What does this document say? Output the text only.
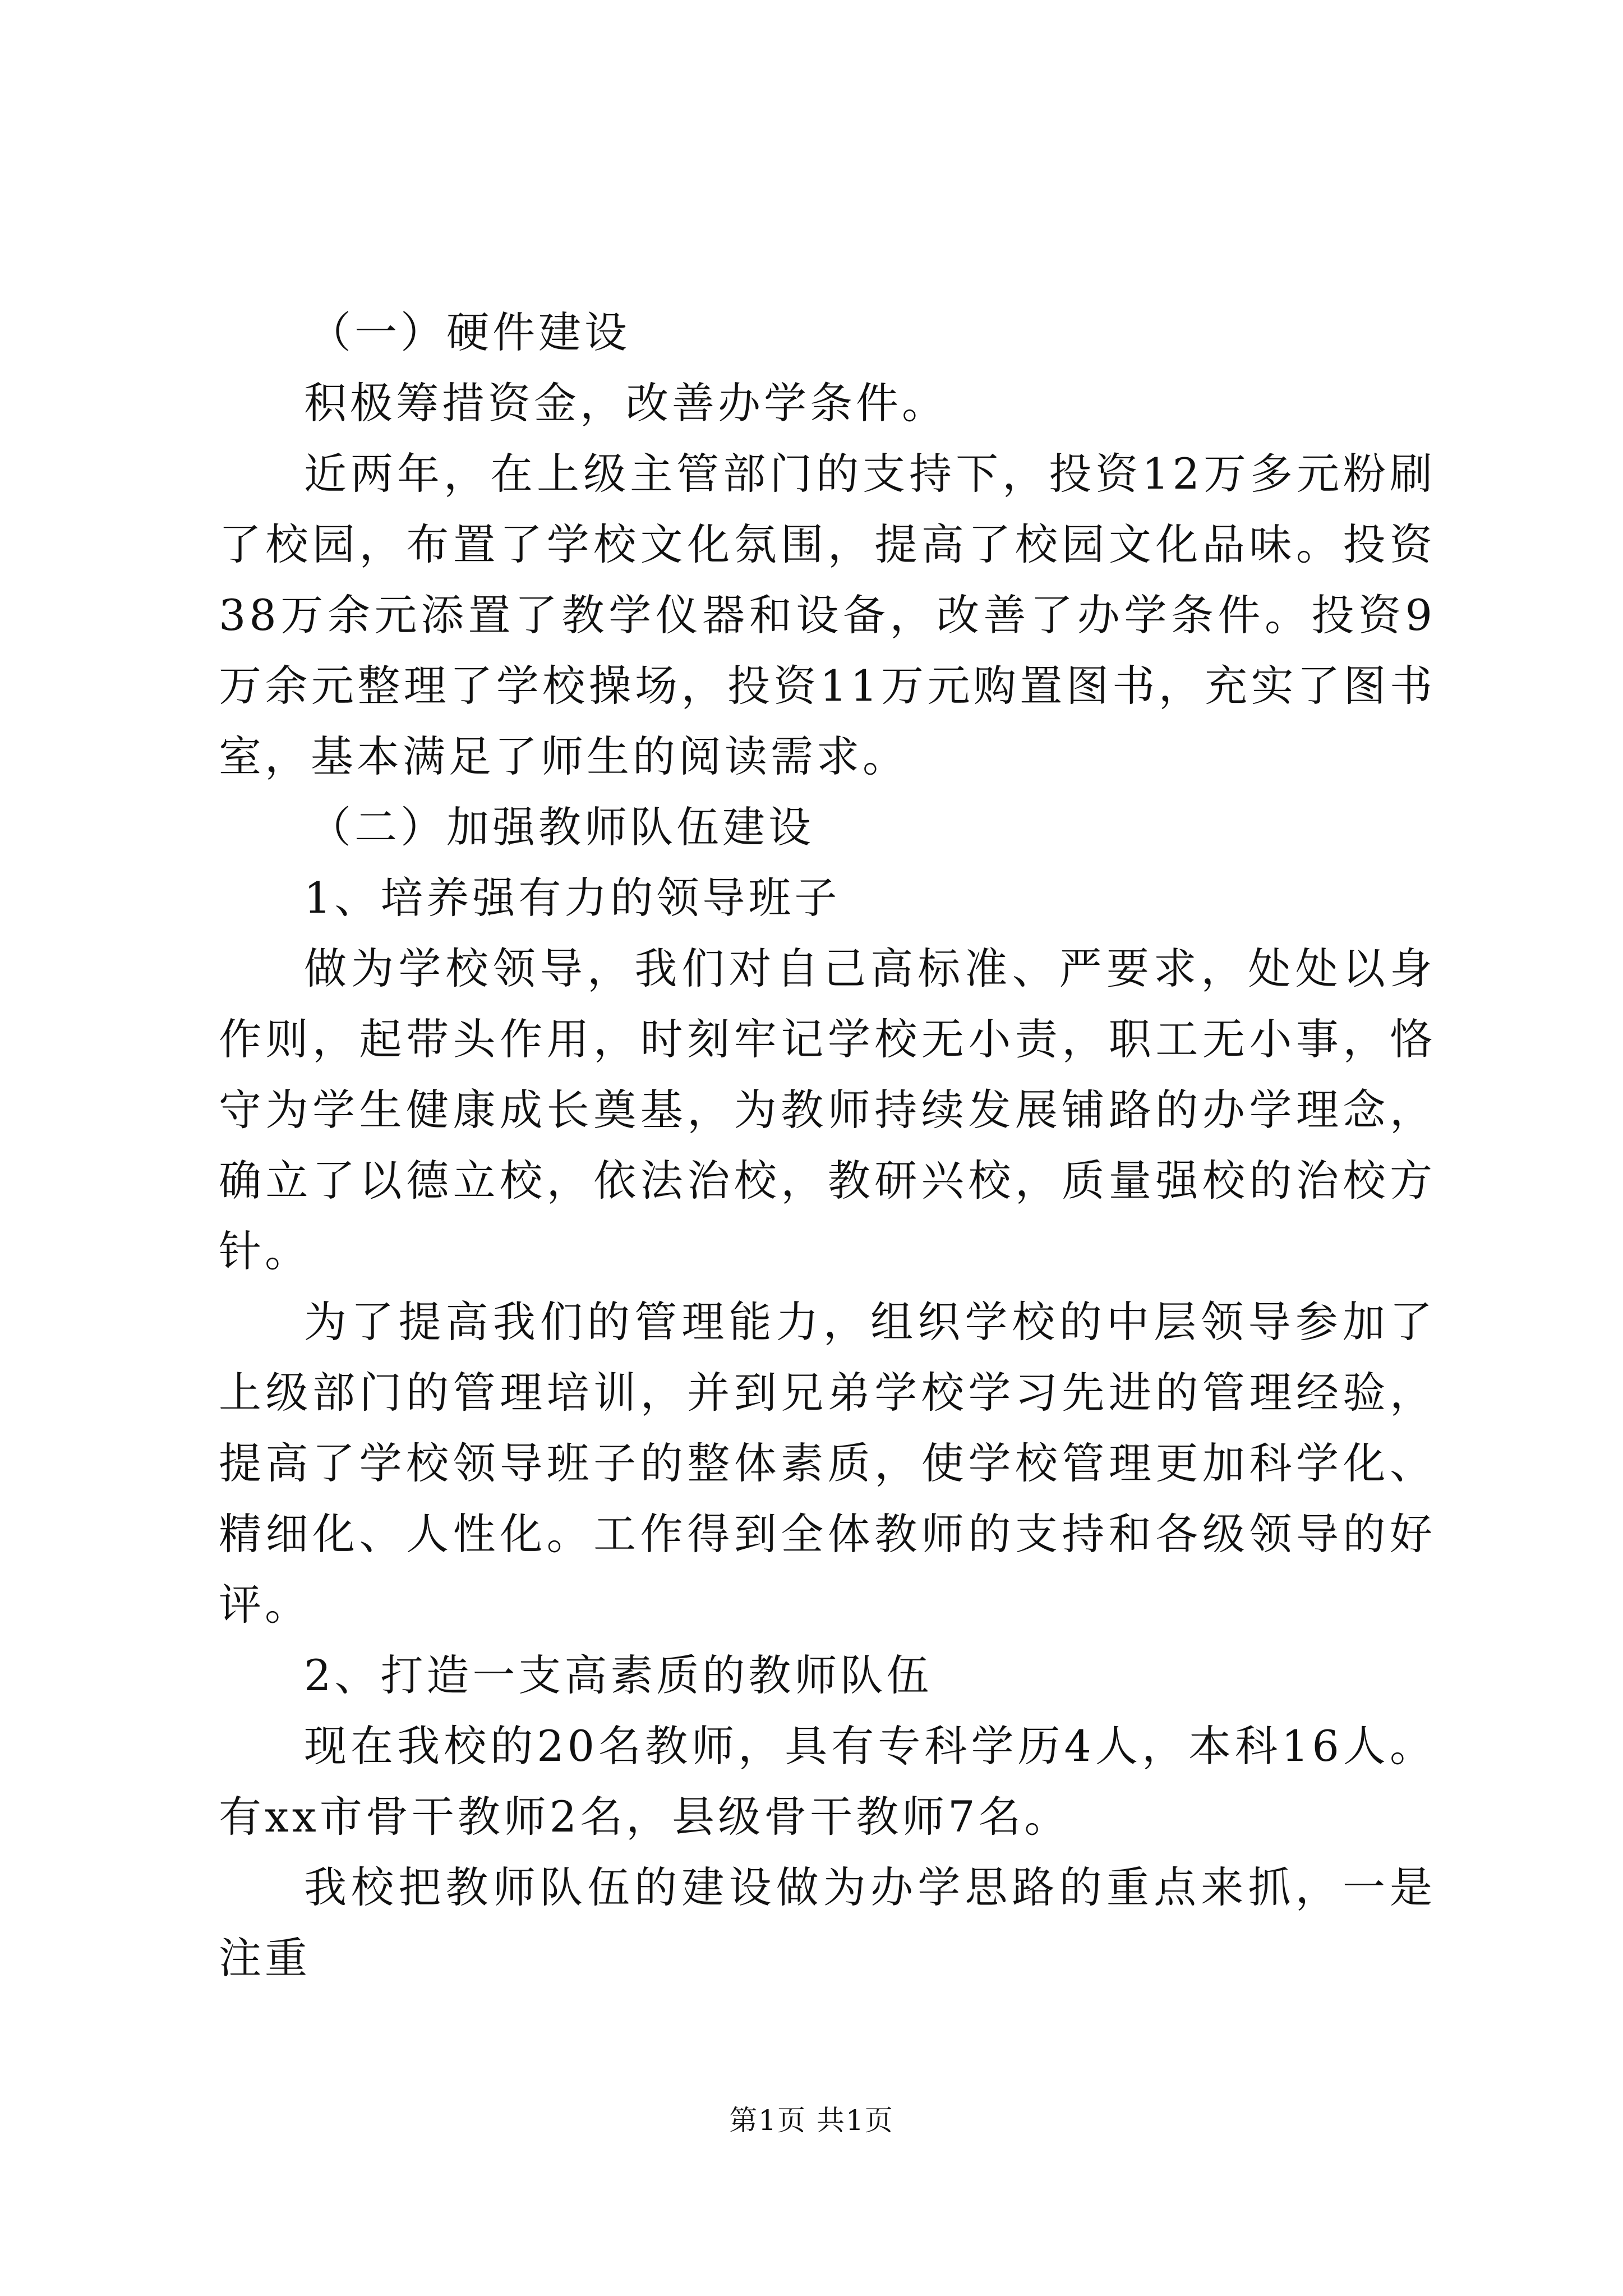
（一）硬件建设

积极筹措资金，改善办学条件。

近两年，在上级主管部门的支持下，投资12万多元粉刷了校园，布置了学校文化氛围，提高了校园文化品味。投资38万余元添置了教学仪器和设备，改善了办学条件。投资9万余元整理了学校操场，投资11万元购置图书，充实了图书室，基本满足了师生的阅读需求。

（二）加强教师队伍建设

1、培养强有力的领导班子

做为学校领导，我们对自己高标准、严要求，处处以身作则，起带头作用，时刻牢记学校无小责，职工无小事，恪守为学生健康成长奠基，为教师持续发展铺路的办学理念，确立了以德立校，依法治校，教研兴校，质量强校的治校方针。

为了提高我们的管理能力，组织学校的中层领导参加了上级部门的管理培训，并到兄弟学校学习先进的管理经验，提高了学校领导班子的整体素质，使学校管理更加科学化、精细化、人性化。工作得到全体教师的支持和各级领导的好评。

2、打造一支高素质的教师队伍

现在我校的20名教师，具有专科学历4人，本科16人。有xx市骨干教师2名，县级骨干教师7名。

我校把教师队伍的建设做为办学思路的重点来抓，一是注重

第1页 共1页
